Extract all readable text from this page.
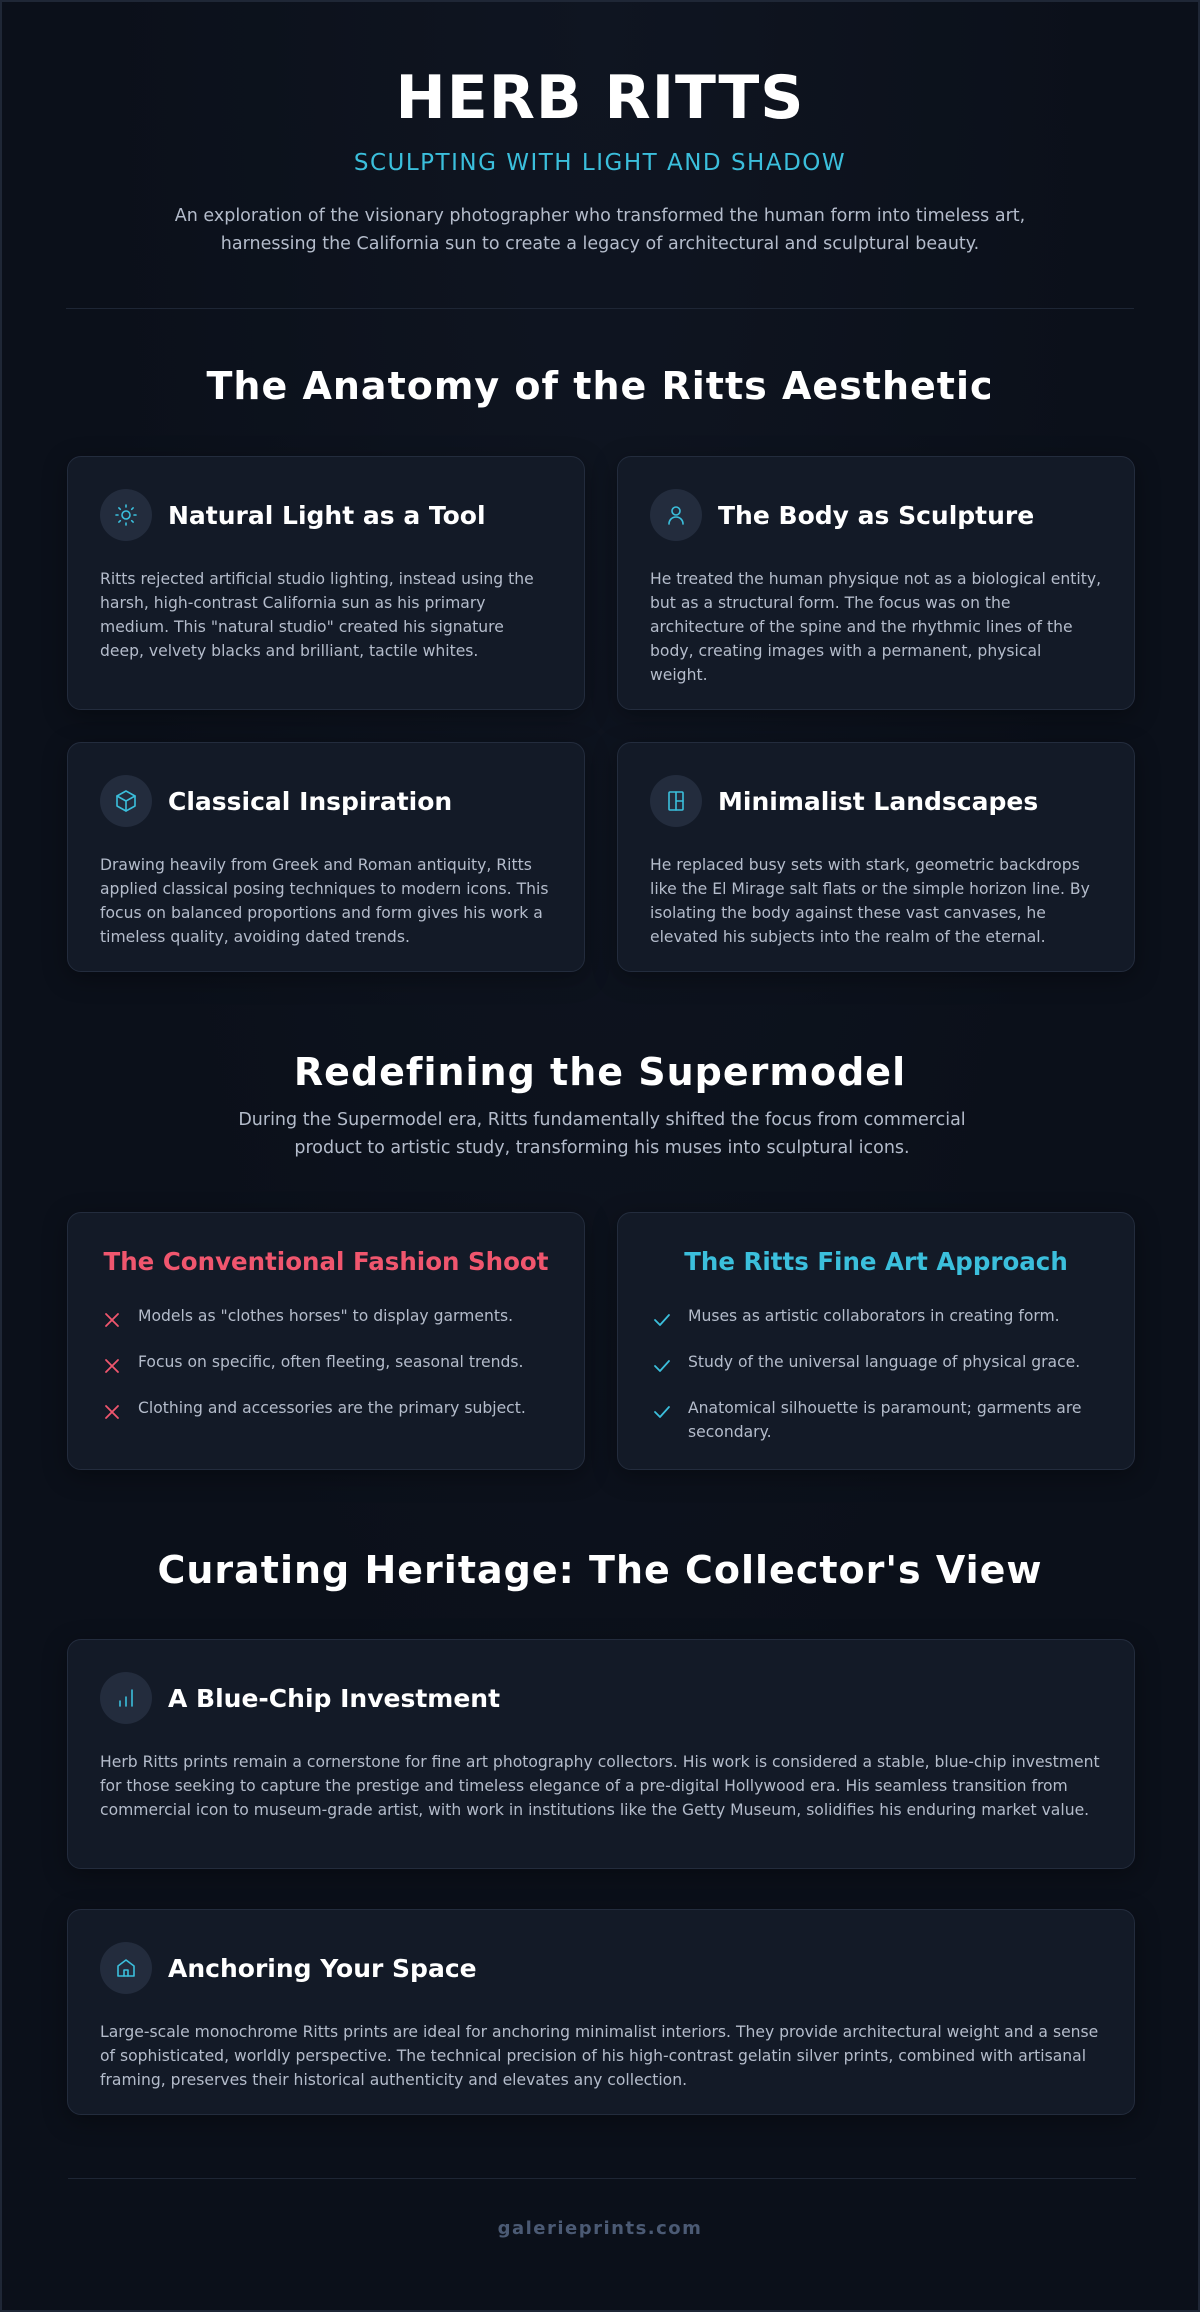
HERB RITTS
SCULPTING WITH LIGHT AND SHADOW

An exploration of the visionary photographer who transformed the human form into timeless art, harnessing the California sun to create a legacy of architectural and sculptural beauty.

The Anatomy of the Ritts Aesthetic
Natural Light as a Tool

Ritts rejected artificial studio lighting, instead using the harsh, high-contrast California sun as his primary medium. This "natural studio" created his signature deep, velvety blacks and brilliant, tactile whites.

The Body as Sculpture

He treated the human physique not as a biological entity, but as a structural form. The focus was on the architecture of the spine and the rhythmic lines of the body, creating images with a permanent, physical weight.

Classical Inspiration

Drawing heavily from Greek and Roman antiquity, Ritts applied classical posing techniques to modern icons. This focus on balanced proportions and form gives his work a timeless quality, avoiding dated trends.

Minimalist Landscapes

He replaced busy sets with stark, geometric backdrops like the El Mirage salt flats or the simple horizon line. By isolating the body against these vast canvases, he elevated his subjects into the realm of the eternal.

Redefining the Supermodel

During the Supermodel era, Ritts fundamentally shifted the focus from commercial product to artistic study, transforming his muses into sculptural icons.

The Conventional Fashion Shoot
Models as "clothes horses" to display garments.
Focus on specific, often fleeting, seasonal trends.
Clothing and accessories are the primary subject.
The Ritts Fine Art Approach
Muses as artistic collaborators in creating form.
Study of the universal language of physical grace.
Anatomical silhouette is paramount; garments are secondary.
Curating Heritage: The Collector's View
A Blue-Chip Investment

Herb Ritts prints remain a cornerstone for fine art photography collectors. His work is considered a stable, blue-chip investment for those seeking to capture the prestige and timeless elegance of a pre-digital Hollywood era. His seamless transition from commercial icon to museum-grade artist, with work in institutions like the Getty Museum, solidifies his enduring market value.

Anchoring Your Space

Large-scale monochrome Ritts prints are ideal for anchoring minimalist interiors. They provide architectural weight and a sense of sophisticated, worldly perspective. The technical precision of his high-contrast gelatin silver prints, combined with artisanal framing, preserves their historical authenticity and elevates any collection.

galerieprints.com
